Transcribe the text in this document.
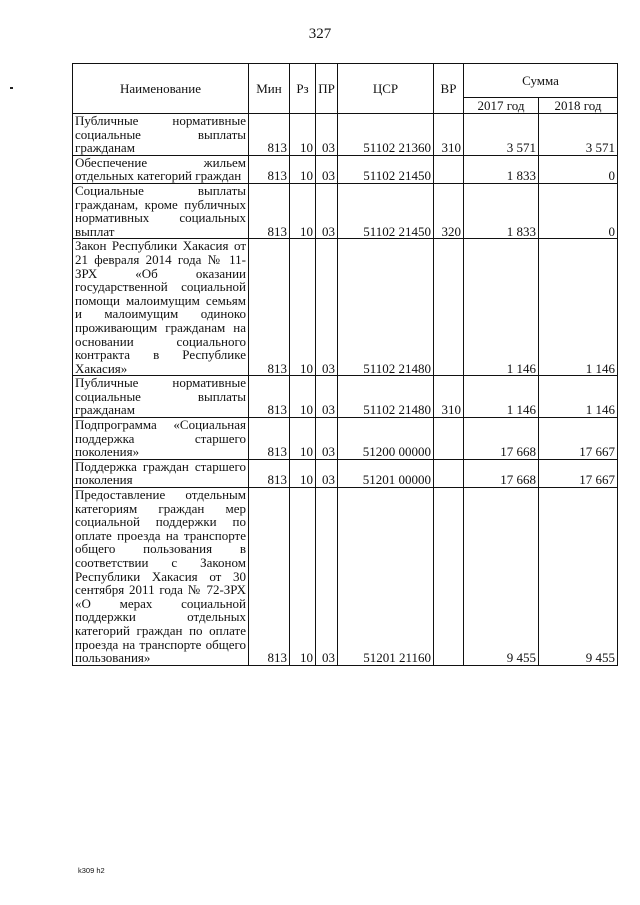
327
Наименование	Мин	Рз	ПР	ЦСР	ВР	Сумма	
						2017 год	2018 год
Публичные нормативные социальные выплаты гражданам	813	10	03	51102 21360	310	3 571	3 571
Обеспечение жильем отдельных категорий граждан	813	10	03	51102 21450		1 833	0
Социальные выплаты гражданам, кроме публичных нормативных социальных выплат	813	10	03	51102 21450	320	1 833	0
Закон Республики Хакасия от 21 февраля 2014 года № 11-ЗРХ «Об оказании государственной социальной помощи малоимущим семьям и малоимущим одиноко проживающим гражданам на основании социального контракта в Республике Хакасия»	813	10	03	51102 21480		1 146	1 146
Публичные нормативные социальные выплаты гражданам	813	10	03	51102 21480	310	1 146	1 146
Подпрограмма «Социальная поддержка старшего поколения»	813	10	03	51200 00000		17 668	17 667
Поддержка граждан старшего поколения	813	10	03	51201 00000		17 668	17 667
Предоставление отдельным категориям граждан мер социальной поддержки по оплате проезда на транспорте общего пользования в соответствии с Законом Республики Хакасия от 30 сентября 2011 года № 72-ЗРХ «О мерах социальной поддержки отдельных категорий граждан по оплате проезда на транспорте общего пользования»	813	10	03	51201 21160		9 455	9 455
k309 h2
